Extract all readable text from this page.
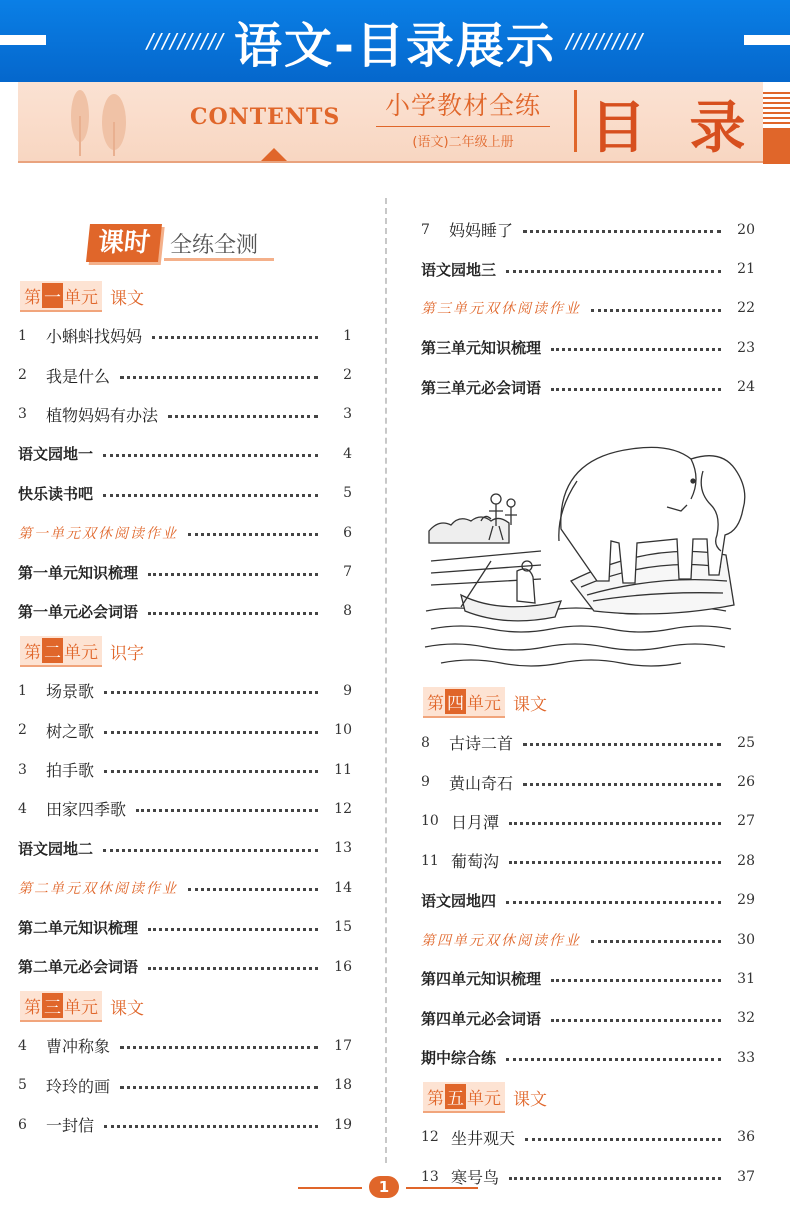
////////// 语文-目录展示 //////////
CONTENTS	小学教材全练
(语文)二年级上册	目 录
课时 全练全测
第 一 单元 课文
1	小蝌蚪找妈妈	1
2	我是什么	2
3	植物妈妈有办法	3
语文园地一	4
快乐读书吧	5
第一单元双休阅读作业	6
第一单元知识梳理	7
第一单元必会词语	8
第 二 单元 识字
1	场景歌	9
2	树之歌	10
3	拍手歌	11
4	田家四季歌	12
语文园地二	13
第二单元双休阅读作业	14
第二单元知识梳理	15
第二单元必会词语	16
第 三 单元 课文
4	曹冲称象	17
5	玲玲的画	18
6	一封信	19
7	妈妈睡了	20
语文园地三	21
第三单元双休阅读作业	22
第三单元知识梳理	23
第三单元必会词语	24
第 四 单元 课文
8	古诗二首	25
9	黄山奇石	26
10 日月潭	27
11 葡萄沟	28
语文园地四	29
第四单元双休阅读作业	30
第四单元知识梳理	31
第四单元必会词语	32
期中综合练	33
第 五 单元 课文
12 坐井观天	36
13 寒号鸟	37
1
